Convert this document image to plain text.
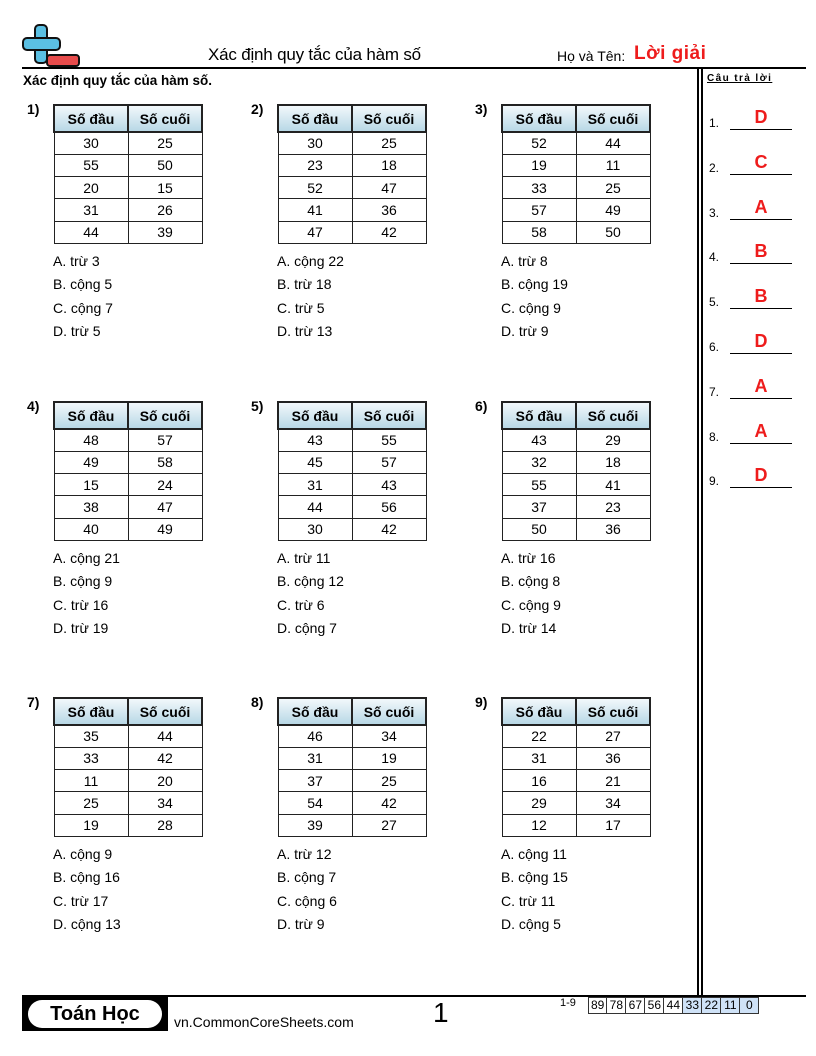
Xác định quy tắc của hàm số	Họ và Tên: Lời giải
Xác định quy tắc của hàm số.	Câu trả lời
1.	D
2.	C
3.	A
4.	B
5.	B
6.	D
7.	A
8.	A
9.	D
1)
Số đầu	Số cuối
30	25
55	50
20	15
31	26
44	39
A. trừ 3
B. cộng 5
C. cộng 7
D. trừ 5
2)
Số đầu	Số cuối
30	25
23	18
52	47
41	36
47	42
A. cộng 22
B. trừ 18
C. trừ 5
D. trừ 13
3)
Số đầu	Số cuối
52	44
19	11
33	25
57	49
58	50
A. trừ 8
B. cộng 19
C. cộng 9
D. trừ 9
4)
Số đầu	Số cuối
48	57
49	58
15	24
38	47
40	49
A. cộng 21
B. cộng 9
C. trừ 16
D. trừ 19
5)
Số đầu	Số cuối
43	55
45	57
31	43
44	56
30	42
A. trừ 11
B. cộng 12
C. trừ 6
D. cộng 7
6)
Số đầu	Số cuối
43	29
32	18
55	41
37	23
50	36
A. trừ 16
B. cộng 8
C. cộng 9
D. trừ 14
7)
Số đầu	Số cuối
35	44
33	42
11	20
25	34
19	28
A. cộng 9
B. cộng 16
C. trừ 17
D. cộng 13
8)
Số đầu	Số cuối
46	34
31	19
37	25
54	42
39	27
A. trừ 12
B. cộng 7
C. cộng 6
D. trừ 9
9)
Số đầu	Số cuối
22	27
31	36
16	21
29	34
12	17
A. cộng 11
B. cộng 15
C. trừ 11
D. cộng 5
Toán Học	vn.CommonCoreSheets.com	1	1-9 89 78 67 56 44 33 22 11 0
